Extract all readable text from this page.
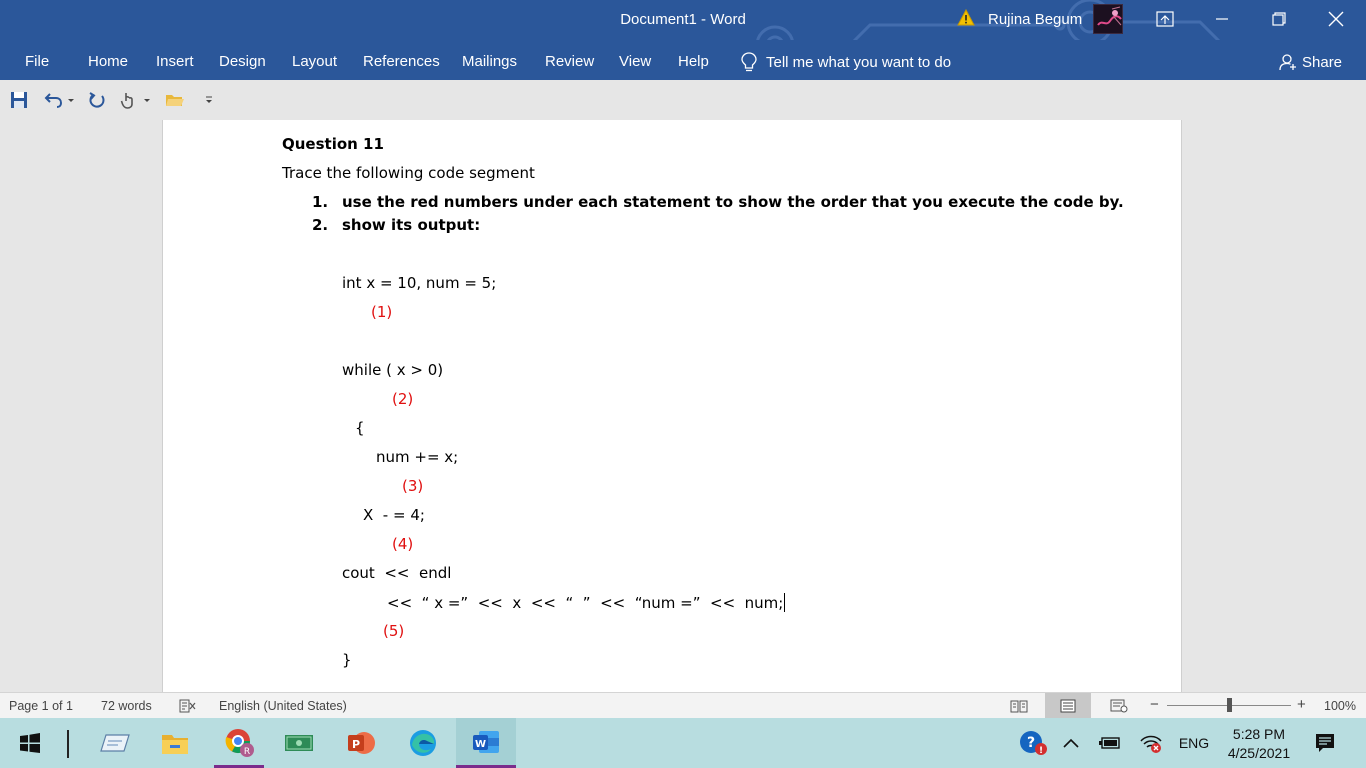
Document1 - Word	Rujina Begum
File	Home Insert Design Layout References Mailings Review View Help	Tell me what you want to do	Share
Question 11
Trace the following code segment
1. use the red numbers under each statement to show the order that you execute the code by.
2. show its output:
int x = 10, num = 5;
(1)
while ( x > 0)
(2)
{
num += x;
(3)
X  - = 4;
(4)
cout  <<  endl
<<  “ x =”  <<  x  <<  “  ”  <<  “num =”  <<  num;
(5)
}
Page 1 of 1 72 words	English (United States)	−	+ 100%
R
P	W	? !	ENG
5:28 PM
4/25/2021
